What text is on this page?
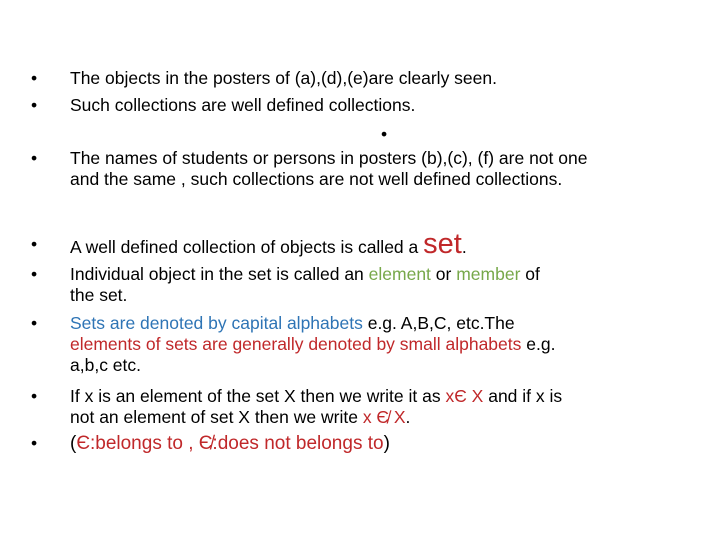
• The objects in the posters of (a),(d),(e)are clearly seen.
• Such collections are well defined collections.
•
• The names of students or persons in posters (b),(c), (f) are not one
and the same , such collections are not well defined collections.
• A well defined collection of objects is called a set.
• Individual object in the set is called an element or member of
the set.
• Sets are denoted by capital alphabets e.g. A,B,C, etc.The
elements of sets are generally denoted by small alphabets e.g.
a,b,c etc.
• If x is an element of the set X then we write it as xЄ X and if x is
not an element of set X then we write x Є̸ X.
• (Є:belongs to , Є̸:does not belongs to)
